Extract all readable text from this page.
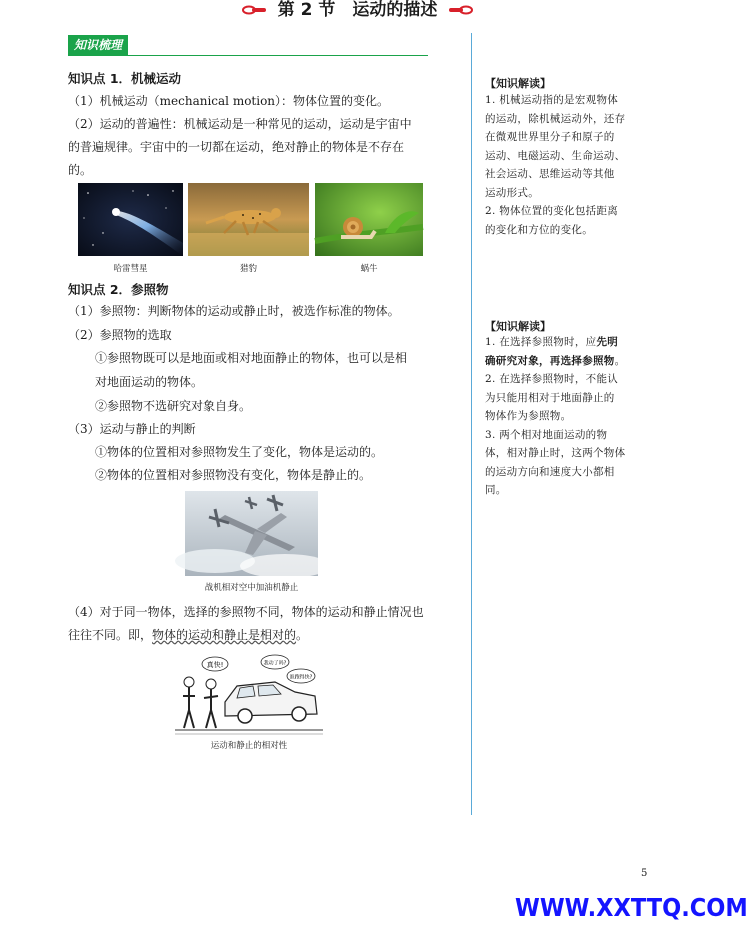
第 2 节　运动的描述
知识梳理
知识点 1．机械运动
（1）机械运动（mechanical motion）：物体位置的变化。
（2）运动的普遍性：机械运动是一种常见的运动，运动是宇宙中
的普遍规律。宇宙中的一切都在运动，绝对静止的物体是不存在
的。
哈雷彗星	猎豹	蜗牛
知识点 2．参照物
（1）参照物：判断物体的运动或静止时，被选作标准的物体。
（2）参照物的选取
①参照物既可以是地面或相对地面静止的物体，也可以是相
对地面运动的物体。
②参照物不选研究对象自身。
（3）运动与静止的判断
①物体的位置相对参照物发生了变化，物体是运动的。
②物体的位置相对参照物没有变化，物体是静止的。
战机相对空中加油机静止
（4）对于同一物体，选择的参照物不同，物体的运动和静止情况也
往往不同。即，物体的运动和静止是相对的。
真快!	我动了吗?
谁跑得快?
运动和静止的相对性
【知识解读】
1. 机械运动指的是宏观物体
的运动，除机械运动外，还存
在微观世界里分子和原子的
运动、电磁运动、生命运动、
社会运动、思维运动等其他
运动形式。
2. 物体位置的变化包括距离
的变化和方位的变化。
【知识解读】
1. 在选择参照物时，应先明
确研究对象，再选择参照物。
2. 在选择参照物时，不能认
为只能用相对于地面静止的
物体作为参照物。
3. 两个相对地面运动的物
体，相对静止时，这两个物体
的运动方向和速度大小都相
同。
5
WWW.XXTTQ.COM
